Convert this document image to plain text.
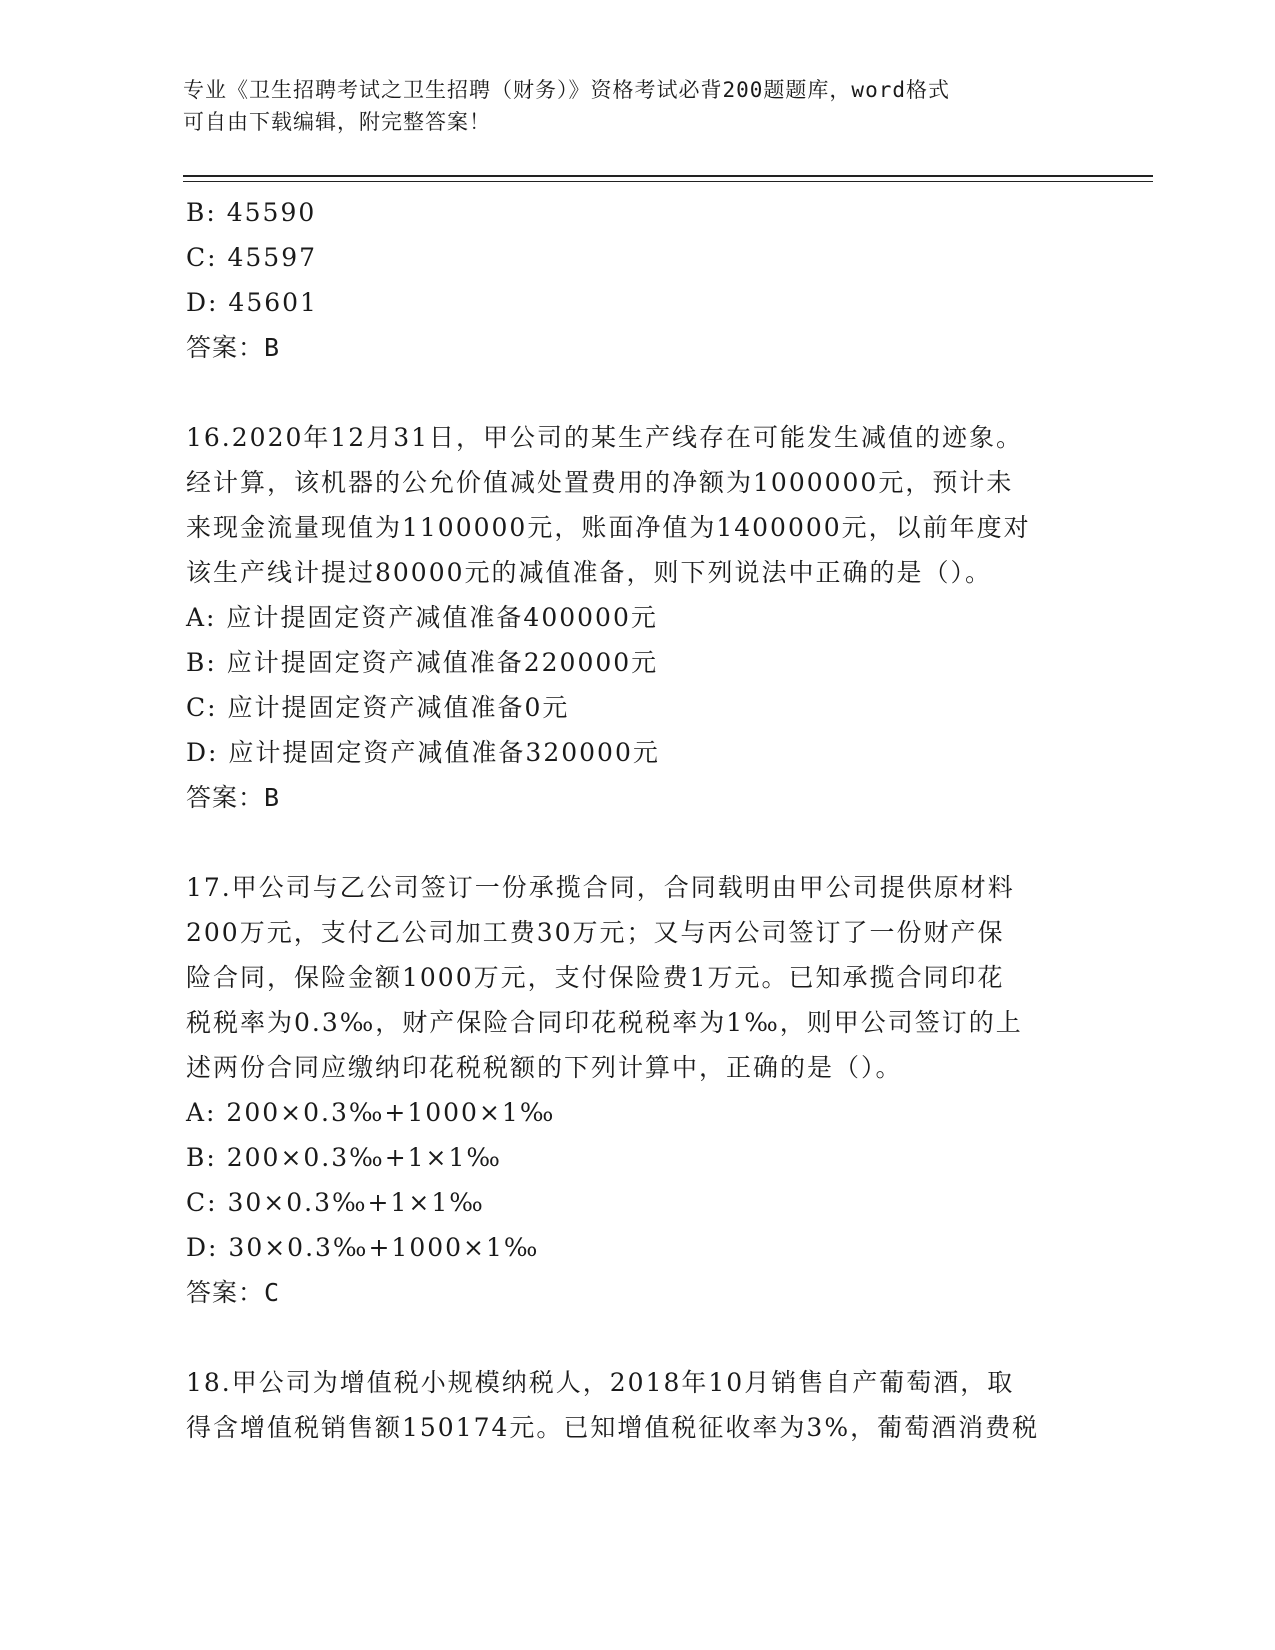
专业《卫生招聘考试之卫生招聘（财务）》资格考试必背200题题库，word格式
可自由下载编辑，附完整答案！
B: 45590
C: 45597
D: 45601
答案：B
16.2020年12月31日，甲公司的某生产线存在可能发生减值的迹象。
经计算，该机器的公允价值减处置费用的净额为1000000元，预计未
来现金流量现值为1100000元，账面净值为1400000元，以前年度对
该生产线计提过80000元的减值准备，则下列说法中正确的是（）。
A: 应计提固定资产减值准备400000元
B: 应计提固定资产减值准备220000元
C: 应计提固定资产减值准备0元
D: 应计提固定资产减值准备320000元
答案：B
17.甲公司与乙公司签订一份承揽合同，合同载明由甲公司提供原材料
200万元，支付乙公司加工费30万元；又与丙公司签订了一份财产保
险合同，保险金额1000万元，支付保险费1万元。已知承揽合同印花
税税率为0.3‰，财产保险合同印花税税率为1‰，则甲公司签订的上
述两份合同应缴纳印花税税额的下列计算中，正确的是（）。
A: 200×0.3‰+1000×1‰
B: 200×0.3‰+1×1‰
C: 30×0.3‰+1×1‰
D: 30×0.3‰+1000×1‰
答案：C
18.甲公司为增值税小规模纳税人，2018年10月销售自产葡萄酒，取
得含增值税销售额150174元。已知增值税征收率为3%，葡萄酒消费税
